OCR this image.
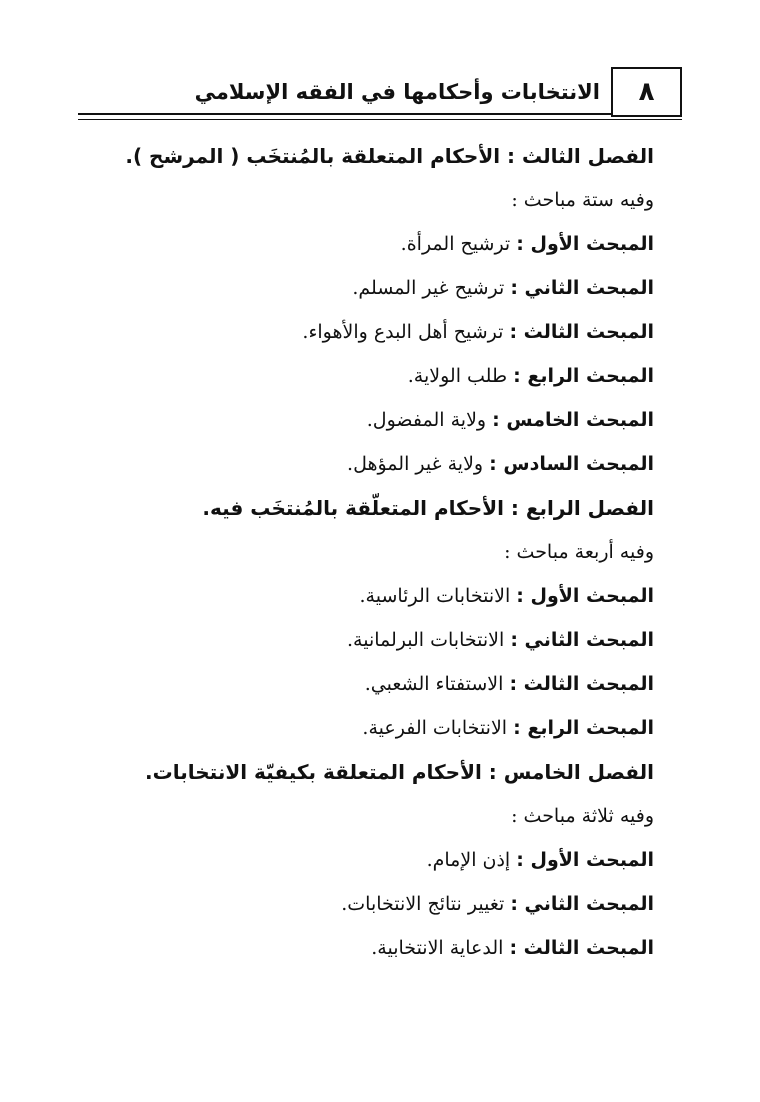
٨
الانتخابات وأحكامها في الفقه الإسلامي
الفصل الثالث : الأحكام المتعلقة بالمُنتخَب ( المرشح ).
وفيه ستة مباحث :
المبحث الأول : ترشيح المرأة.
المبحث الثاني : ترشيح غير المسلم.
المبحث الثالث : ترشيح أهل البدع والأهواء.
المبحث الرابع : طلب الولاية.
المبحث الخامس : ولاية المفضول.
المبحث السادس : ولاية غير المؤهل.
الفصل الرابع : الأحكام المتعلّقة بالمُنتخَب فيه.
وفيه أربعة مباحث :
المبحث الأول : الانتخابات الرئاسية.
المبحث الثاني : الانتخابات البرلمانية.
المبحث الثالث : الاستفتاء الشعبي.
المبحث الرابع : الانتخابات الفرعية.
الفصل الخامس : الأحكام المتعلقة بكيفيّة الانتخابات.
وفيه ثلاثة مباحث :
المبحث الأول : إذن الإمام.
المبحث الثاني : تغيير نتائج الانتخابات.
المبحث الثالث : الدعاية الانتخابية.
